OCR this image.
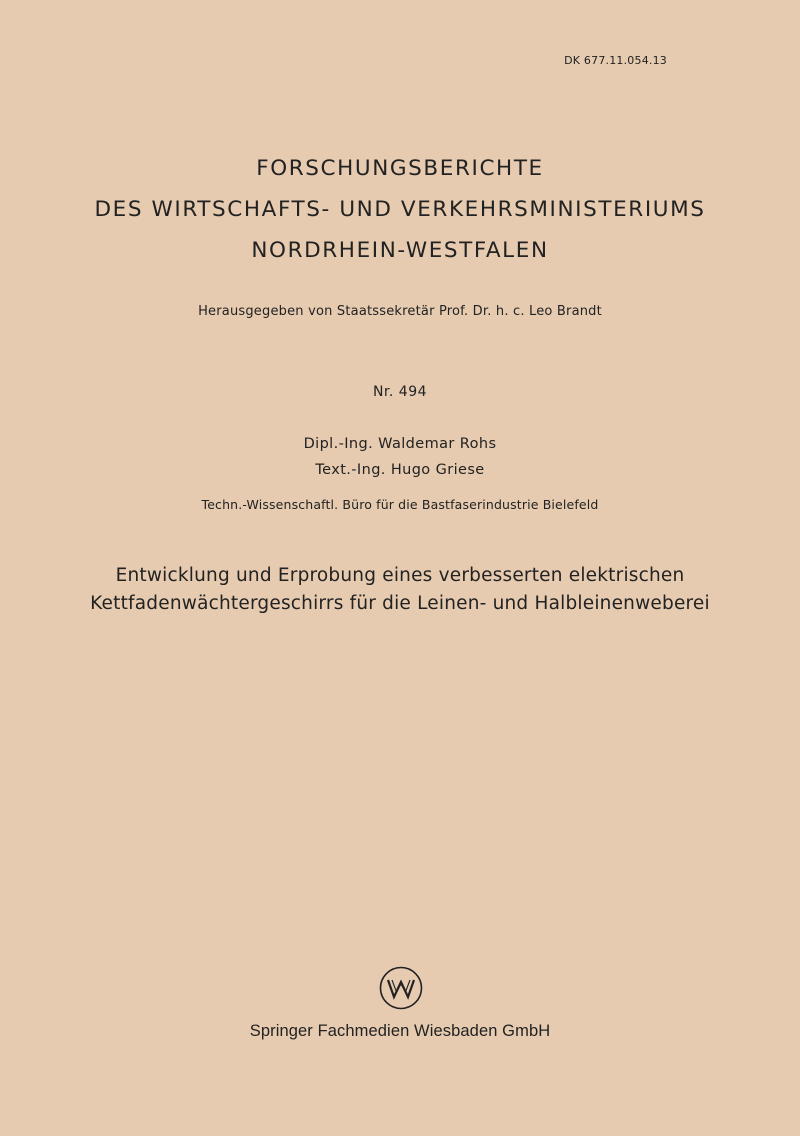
DK 677.11.054.13
FORSCHUNGSBERICHTE
DES WIRTSCHAFTS- UND VERKEHRSMINISTERIUMS
NORDRHEIN-WESTFALEN
Herausgegeben von Staatssekretär Prof. Dr. h. c. Leo Brandt
Nr. 494
Dipl.-Ing. Waldemar Rohs
Text.-Ing. Hugo Griese
Techn.-Wissenschaftl. Büro für die Bastfaserindustrie Bielefeld
Entwicklung und Erprobung eines verbesserten elektrischen
Kettfadenwächtergeschirrs für die Leinen- und Halbleinenweberei
Springer Fachmedien Wiesbaden GmbH
